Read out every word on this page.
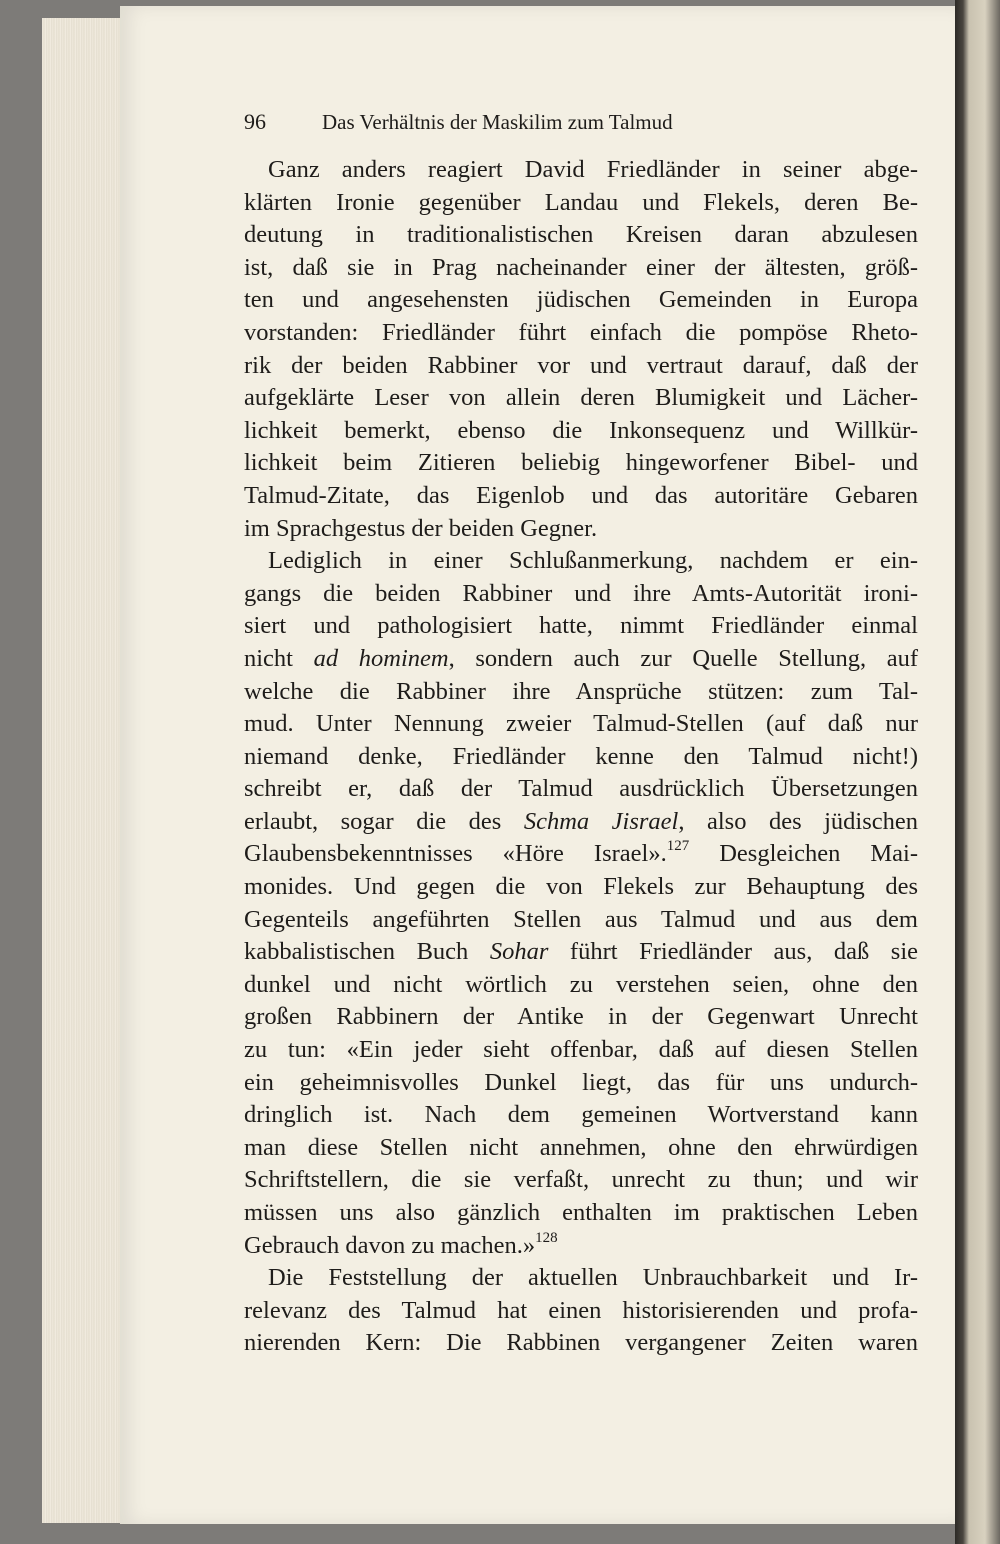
96	Das Verhältnis der Maskilim zum Talmud
Ganz anders reagiert David Friedländer in seiner abge-
klärten Ironie gegenüber Landau und Flekels, deren Be-
deutung in traditionalistischen Kreisen daran abzulesen
ist, daß sie in Prag nacheinander einer der ältesten, größ-
ten und angesehensten jüdischen Gemeinden in Europa
vorstanden: Friedländer führt einfach die pompöse Rheto-
rik der beiden Rabbiner vor und vertraut darauf, daß der
aufgeklärte Leser von allein deren Blumigkeit und Lächer-
lichkeit bemerkt, ebenso die Inkonsequenz und Willkür-
lichkeit beim Zitieren beliebig hingeworfener Bibel- und
Talmud-Zitate, das Eigenlob und das autoritäre Gebaren
im Sprachgestus der beiden Gegner.
Lediglich in einer Schlußanmerkung, nachdem er ein-
gangs die beiden Rabbiner und ihre Amts-Autorität ironi-
siert und pathologisiert hatte, nimmt Friedländer einmal
nicht ad hominem, sondern auch zur Quelle Stellung, auf
welche die Rabbiner ihre Ansprüche stützen: zum Tal-
mud. Unter Nennung zweier Talmud-Stellen (auf daß nur
niemand denke, Friedländer kenne den Talmud nicht!)
schreibt er, daß der Talmud ausdrücklich Übersetzungen
erlaubt, sogar die des Schma Jisrael, also des jüdischen
Glaubensbekenntnisses «Höre Israel».$^{127}$ Desgleichen Mai-
monides. Und gegen die von Flekels zur Behauptung des
Gegenteils angeführten Stellen aus Talmud und aus dem
kabbalistischen Buch Sohar führt Friedländer aus, daß sie
dunkel und nicht wörtlich zu verstehen seien, ohne den
großen Rabbinern der Antike in der Gegenwart Unrecht
zu tun: «Ein jeder sieht offenbar, daß auf diesen Stellen
ein geheimnisvolles Dunkel liegt, das für uns undurch-
dringlich ist. Nach dem gemeinen Wortverstand kann
man diese Stellen nicht annehmen, ohne den ehrwürdigen
Schriftstellern, die sie verfaßt, unrecht zu thun; und wir
müssen uns also gänzlich enthalten im praktischen Leben
Gebrauch davon zu machen.»$^{128}$
Die Feststellung der aktuellen Unbrauchbarkeit und Ir-
relevanz des Talmud hat einen historisierenden und profa-
nierenden Kern: Die Rabbinen vergangener Zeiten waren
